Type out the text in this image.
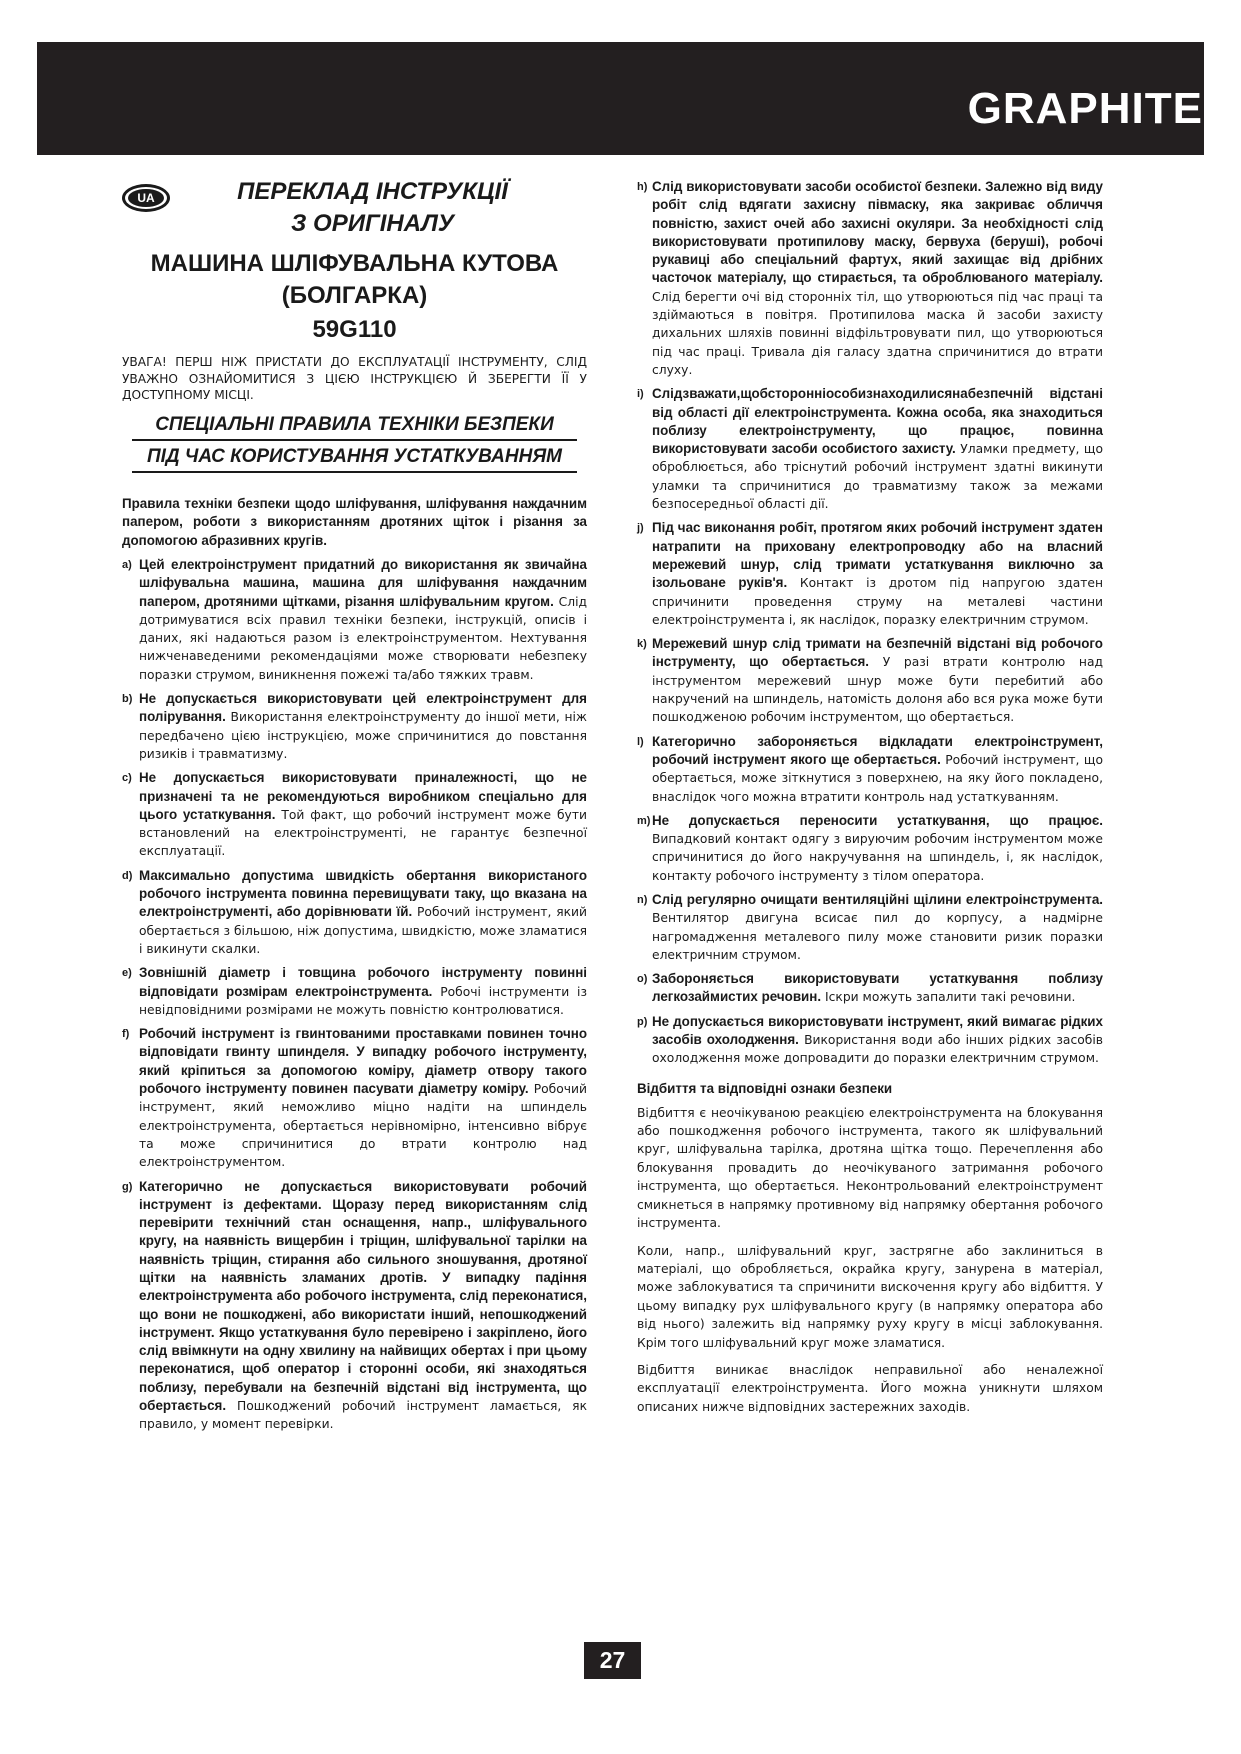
GRAPHITE
UA	ПЕРЕКЛАД ІНСТРУКЦІЇ
З ОРИГІНАЛУ
МАШИНА ШЛІФУВАЛЬНА КУТОВА
(БОЛГАРКА)
59G110
УВАГА! ПЕРШ НІЖ ПРИСТАТИ ДО ЕКСПЛУАТАЦІЇ ІНСТРУМЕНТУ, СЛІД УВАЖНО ОЗНАЙОМИТИСЯ З ЦІЄЮ ІНСТРУКЦІЄЮ Й ЗБЕРЕГТИ ЇЇ У ДОСТУПНОМУ МІСЦІ.
СПЕЦІАЛЬНІ ПРАВИЛА ТЕХНІКИ БЕЗПЕКИ
ПІД ЧАС КОРИСТУВАННЯ УСТАТКУВАННЯМ
Правила техніки безпеки щодо шліфування, шліфування наждачним папером, роботи з використанням дротяних щіток і різання за допомогою абразивних кругів.
a) Цей електроінструмент придатний до використання як звичайна шліфувальна машина, машина для шліфування наждачним папером, дротяними щітками, різання шліфувальним кругом. Слід дотримуватися всіх правил техніки безпеки, інструкцій, описів і даних, які надаються разом із електроінструментом. Нехтування нижченаведеними рекомендаціями може створювати небезпеку поразки струмом, виникнення пожежі та/або тяжких травм.
b) Не допускається використовувати цей електроінструмент для полірування. Використання електроінструменту до іншої мети, ніж передбачено цією інструкцією, може спричинитися до повстання ризиків і травматизму.
c) Не допускається використовувати приналежності, що не призначені та не рекомендуються виробником спеціально для цього устаткування. Той факт, що робочий інструмент може бути встановлений на електроінструменті, не гарантує безпечної експлуатації.
d) Максимально допустима швидкість обертання використаного робочого інструмента повинна перевищувати таку, що вказана на електроінструменті, або дорівнювати їй. Робочий інструмент, який обертається з більшою, ніж допустима, швидкістю, може зламатися і викинути скалки.
e) Зовнішній діаметр і товщина робочого інструменту повинні відповідати розмірам електроінструмента. Робочі інструменти із невідповідними розмірами не можуть повністю контролюватися.
f) Робочий інструмент із гвинтованими проставками повинен точно відповідати гвинту шпинделя. У випадку робочого інструменту, який кріпиться за допомогою коміру, діаметр отвору такого робочого інструменту повинен пасувати діаметру коміру. Робочий інструмент, який неможливо міцно надіти на шпиндель електроінструмента, обертається нерівномірно, інтенсивно вібрує та може спричинитися до втрати контролю над електроінструментом.
g) Категорично не допускається використовувати робочий інструмент із дефектами. Щоразу перед використанням слід перевірити технічний стан оснащення, напр., шліфувального кругу, на наявність вищербин і тріщин, шліфувальної тарілки на наявність тріщин, стирання або сильного зношування, дротяної щітки на наявність зламаних дротів. У випадку падіння електроінструмента або робочого інструмента, слід переконатися, що вони не пошкоджені, або використати інший, непошкоджений інструмент. Якщо устаткування було перевірено і закріплено, його слід ввімкнути на одну хвилину на найвищих обертах і при цьому переконатися, щоб оператор і сторонні особи, які знаходяться поблизу, перебували на безпечній відстані від інструмента, що обертається. Пошкоджений робочий інструмент ламається, як правило, у момент перевірки.
h) Слід використовувати засоби особистої безпеки. Залежно від виду робіт слід вдягати захисну півмаску, яка закриває обличчя повністю, захист очей або захисні окуляри. За необхідності слід використовувати протипилову маску, бервуха (беруші), робочі рукавиці або спеціальний фартух, який захищає від дрібних часточок матеріалу, що стирається, та оброблюваного матеріалу. Слід берегти очі від сторонніх тіл, що утворюються під час праці та здіймаються в повітря. Протипилова маска й засоби захисту дихальних шляхів повинні відфільтровувати пил, що утворюються під час праці. Тривала дія галасу здатна спричинитися до втрати слуху.
i) Слідзважати,щобсторонніособизнаходилисянабезпечній відстані від області дії електроінструмента. Кожна особа, яка знаходиться поблизу електроінструменту, що працює, повинна використовувати засоби особистого захисту. Уламки предмету, що оброблюється, або тріснутий робочий інструмент здатні викинути уламки та спричинитися до травматизму також за межами безпосередньої області дії.
j) Під час виконання робіт, протягом яких робочий інструмент здатен натрапити на приховану електропроводку або на власний мережевий шнур, слід тримати устаткування виключно за ізольоване руків'я. Контакт із дротом під напругою здатен спричинити проведення струму на металеві частини електроінструмента і, як наслідок, поразку електричним струмом.
k) Мережевий шнур слід тримати на безпечній відстані від робочого інструменту, що обертається. У разі втрати контролю над інструментом мережевий шнур може бути перебитий або накручений на шпиндель, натомість долоня або вся рука може бути пошкодженою робочим інструментом, що обертається.
l) Категорично забороняється відкладати електроінструмент, робочий інструмент якого ще обертається. Робочий інструмент, що обертається, може зіткнутися з поверхнею, на яку його покладено, внаслідок чого можна втратити контроль над устаткуванням.
m) Не допускається переносити устаткування, що працює. Випадковий контакт одягу з вируючим робочим інструментом може спричинитися до його накручування на шпиндель, і, як наслідок, контакту робочого інструменту з тілом оператора.
n) Слід регулярно очищати вентиляційні щілини електроінструмента. Вентилятор двигуна всисає пил до корпусу, а надмірне нагромадження металевого пилу може становити ризик поразки електричним струмом.
o) Забороняється використовувати устаткування поблизу легкозаймистих речовин. Іскри можуть запалити такі речовини.
p) Не допускається використовувати інструмент, який вимагає рідких засобів охолодження. Використання води або інших рідких засобів охолодження може допровадити до поразки електричним струмом.
Відбиття та відповідні ознаки безпеки
Відбиття є неочікуваною реакцією електроінструмента на блокування або пошкодження робочого інструмента, такого як шліфувальний круг, шліфувальна тарілка, дротяна щітка тощо. Перечеплення або блокування провадить до неочікуваного затримання робочого інструмента, що обертається. Неконтрольований електроінструмент смикнеться в напрямку противному від напрямку обертання робочого інструмента.
Коли, напр., шліфувальний круг, застрягне або заклиниться в матеріалі, що обробляється, окрайка кругу, занурена в матеріал, може заблокуватися та спричинити вискочення кругу або відбиття. У цьому випадку рух шліфувального кругу (в напрямку оператора або від нього) залежить від напрямку руху кругу в місці заблокування. Крім того шліфувальний круг може зламатися.
Відбиття виникає внаслідок неправильної або неналежної експлуатації електроінструмента. Його можна уникнути шляхом описаних нижче відповідних застережних заходів.
27
